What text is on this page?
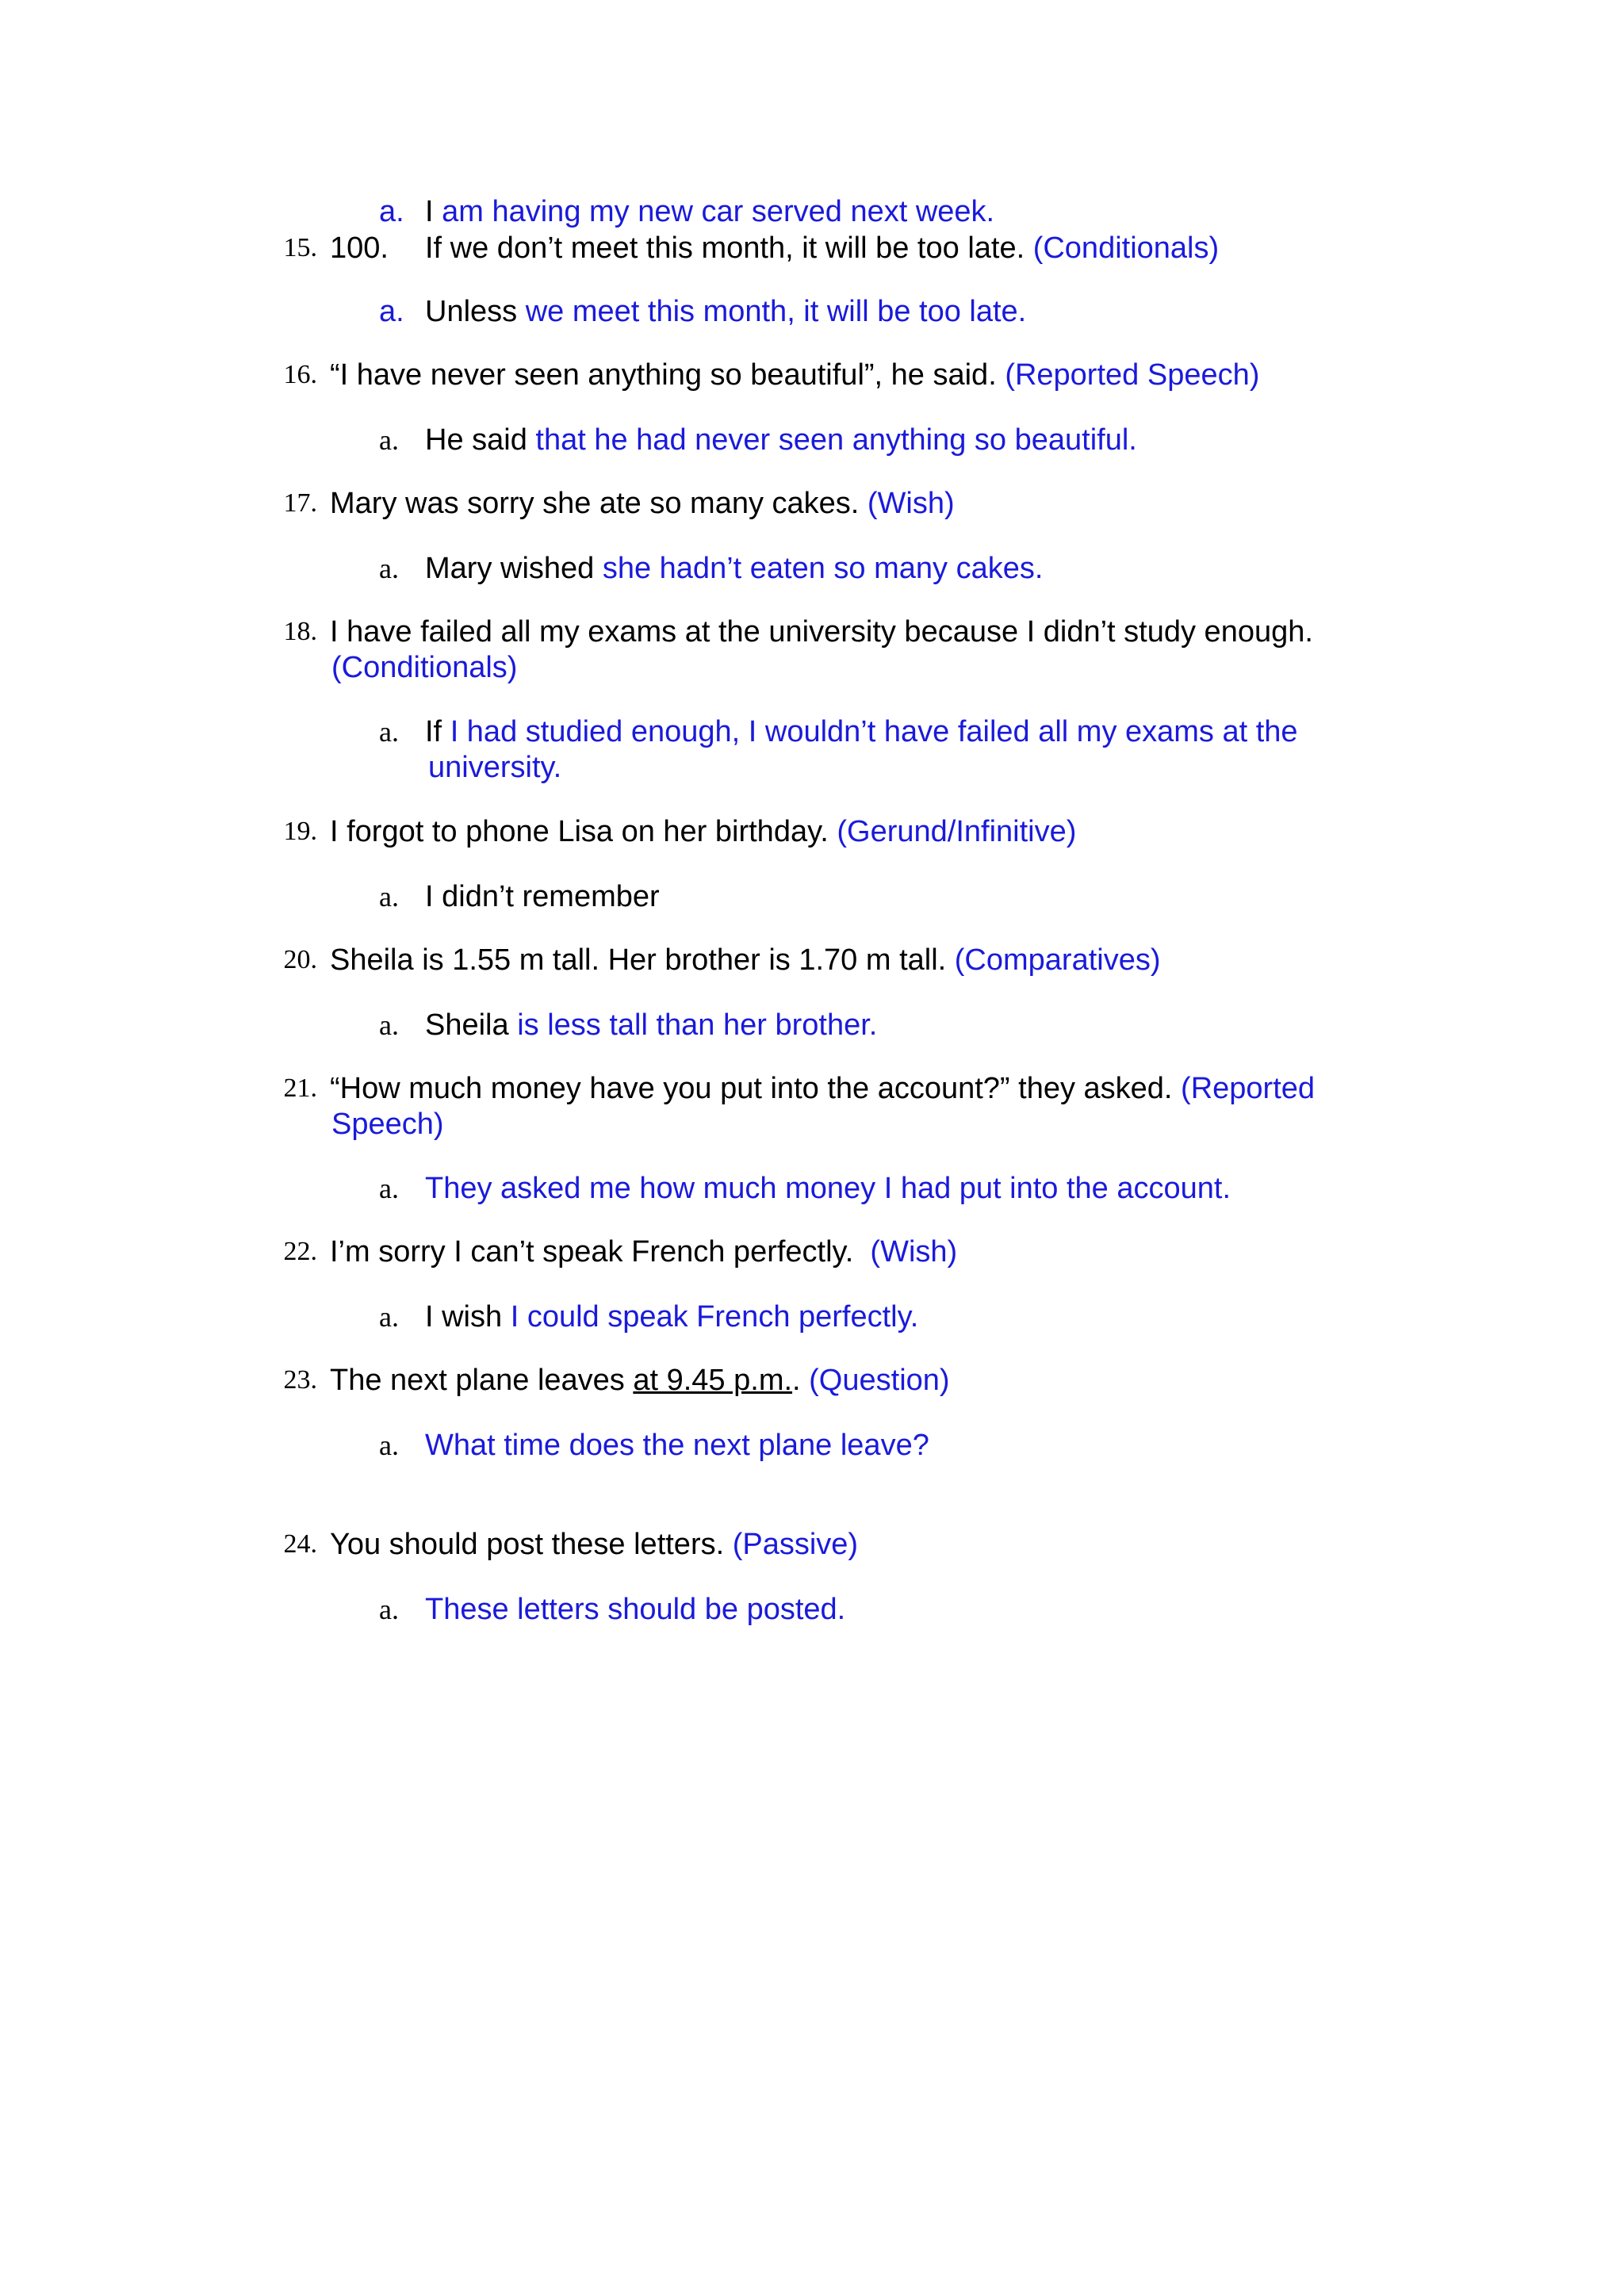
a. I am having my new car served next week.
15. 100. If we don’t meet this month, it will be too late. (Conditionals)
a. Unless we meet this month, it will be too late.
16. “I have never seen anything so beautiful”, he said. (Reported Speech)
a. He said that he had never seen anything so beautiful.
17. Mary was sorry she ate so many cakes. (Wish)
a. Mary wished she hadn’t eaten so many cakes.
18. I have failed all my exams at the university because I didn’t study enough.
(Conditionals)
a. If I had studied enough, I wouldn’t have failed all my exams at the
university.
19. I forgot to phone Lisa on her birthday. (Gerund/Infinitive)
a. I didn’t remember
20. Sheila is 1.55 m tall. Her brother is 1.70 m tall. (Comparatives)
a. Sheila is less tall than her brother.
21. “How much money have you put into the account?” they asked. (Reported
Speech)
a. They asked me how much money I had put into the account.
22. I’m sorry I can’t speak French perfectly.  (Wish)
a. I wish I could speak French perfectly.
23. The next plane leaves at 9.45 p.m.. (Question)
a. What time does the next plane leave?
24. You should post these letters. (Passive)
a. These letters should be posted.
